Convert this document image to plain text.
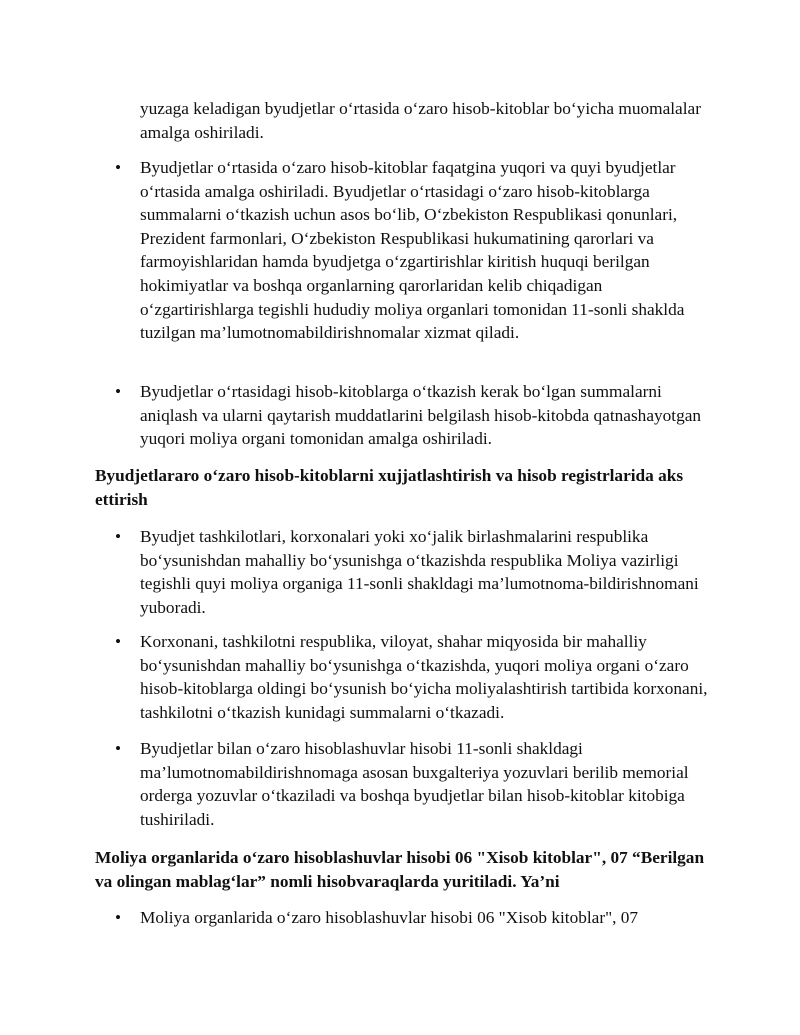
yuzaga keladigan byudjetlar o‘rtasida o‘zaro hisob-kitoblar bo‘yicha muomalalar amalga oshiriladi.

•	Byudjetlar o‘rtasida o‘zaro hisob-kitoblar faqatgina yuqori va quyi byudjetlar o‘rtasida amalga oshiriladi. Byudjetlar o‘rtasidagi o‘zaro hisob-kitoblarga summalarni o‘tkazish uchun asos bo‘lib, O‘zbekiston Respublikasi qonunlari, Prezident farmonlari, O‘zbekiston Respublikasi hukumatining qarorlari va farmoyishlaridan hamda byudjetga o‘zgartirishlar kiritish huquqi berilgan hokimiyatlar va boshqa organlarning qarorlaridan kelib chiqadigan o‘zgartirishlarga tegishli hududiy moliya organlari tomonidan 11-sonli shaklda tuzilgan ma’lumotnomabildirishnomalar xizmat qiladi.

•	Byudjetlar o‘rtasidagi hisob-kitoblarga o‘tkazish kerak bo‘lgan summalarni aniqlash va ularni qaytarish muddatlarini belgilash hisob-kitobda qatnashayotgan yuqori moliya organi tomonidan amalga oshiriladi.

Byudjetlararo o‘zaro hisob-kitoblarni xujjatlashtirish va hisob registrlarida aks ettirish

•	Byudjet tashkilotlari, korxonalari yoki xo‘jalik birlashmalarini respublika bo‘ysunishdan mahalliy bo‘ysunishga o‘tkazishda respublika Moliya vazirligi tegishli quyi moliya organiga 11-sonli shakldagi ma’lumotnoma-bildirishnomani yuboradi.

•	Korxonani, tashkilotni respublika, viloyat, shahar miqyosida bir mahalliy bo‘ysunishdan mahalliy bo‘ysunishga o‘tkazishda, yuqori moliya organi o‘zaro hisob-kitoblarga oldingi bo‘ysunish bo‘yicha moliyalashtirish tartibida korxonani, tashkilotni o‘tkazish kunidagi summalarni o‘tkazadi.

•	Byudjetlar bilan o‘zaro hisoblashuvlar hisobi 11-sonli shakldagi ma’lumotnomabildirishnomaga asosan buxgalteriya yozuvlari berilib memorial orderga yozuvlar o‘tkaziladi va boshqa byudjetlar bilan hisob-kitoblar kitobiga tushiriladi.

Moliya organlarida o‘zaro hisoblashuvlar hisobi 06 "Xisob kitoblar", 07 “Berilgan va olingan mablag‘lar” nomli hisobvaraqlarda yuritiladi. Ya’ni

•	Moliya organlarida o‘zaro hisoblashuvlar hisobi 06 "Xisob kitoblar", 07
